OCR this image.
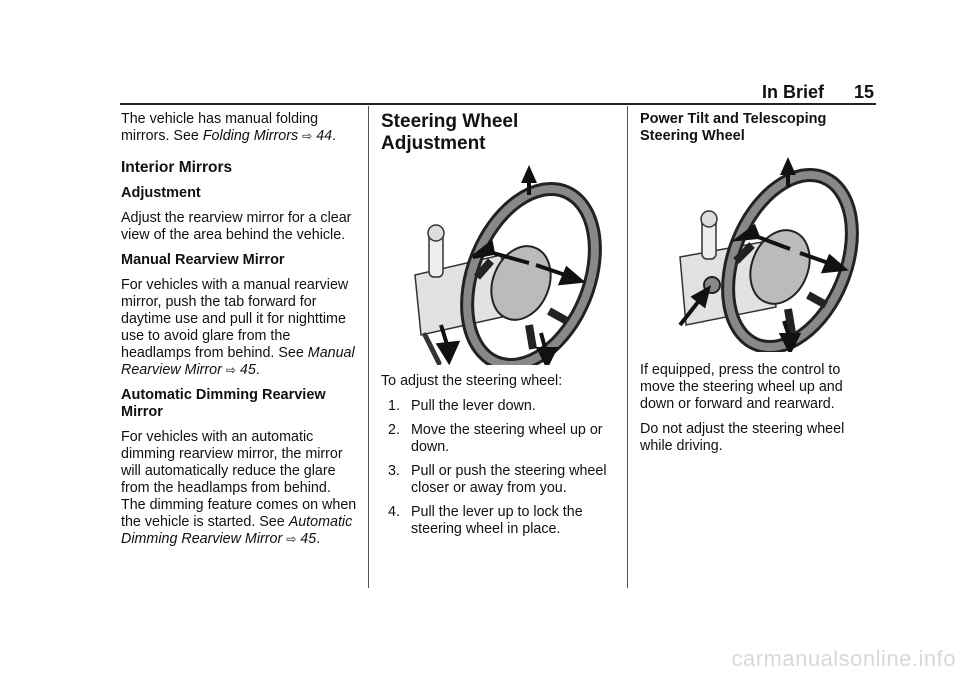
In Brief 15

The vehicle has manual folding mirrors. See Folding Mirrors ⇨ 44.

Interior Mirrors
Adjustment

Adjust the rearview mirror for a clear view of the area behind the vehicle.

Manual Rearview Mirror

For vehicles with a manual rearview mirror, push the tab forward for daytime use and pull it for nighttime use to avoid glare from the headlamps from behind. See Manual Rearview Mirror ⇨ 45.

Automatic Dimming Rearview Mirror

For vehicles with an automatic dimming rearview mirror, the mirror will automatically reduce the glare from the headlamps from behind. The dimming feature comes on when the vehicle is started. See Automatic Dimming Rearview Mirror ⇨ 45.

Steering Wheel Adjustment

To adjust the steering wheel:

1. Pull the lever down.
2. Move the steering wheel up or down.
3. Pull or push the steering wheel closer or away from you.
4. Pull the lever up to lock the steering wheel in place.
Power Tilt and Telescoping Steering Wheel

If equipped, press the control to move the steering wheel up and down or forward and rearward.

Do not adjust the steering wheel while driving.

carmanualsonline.info
